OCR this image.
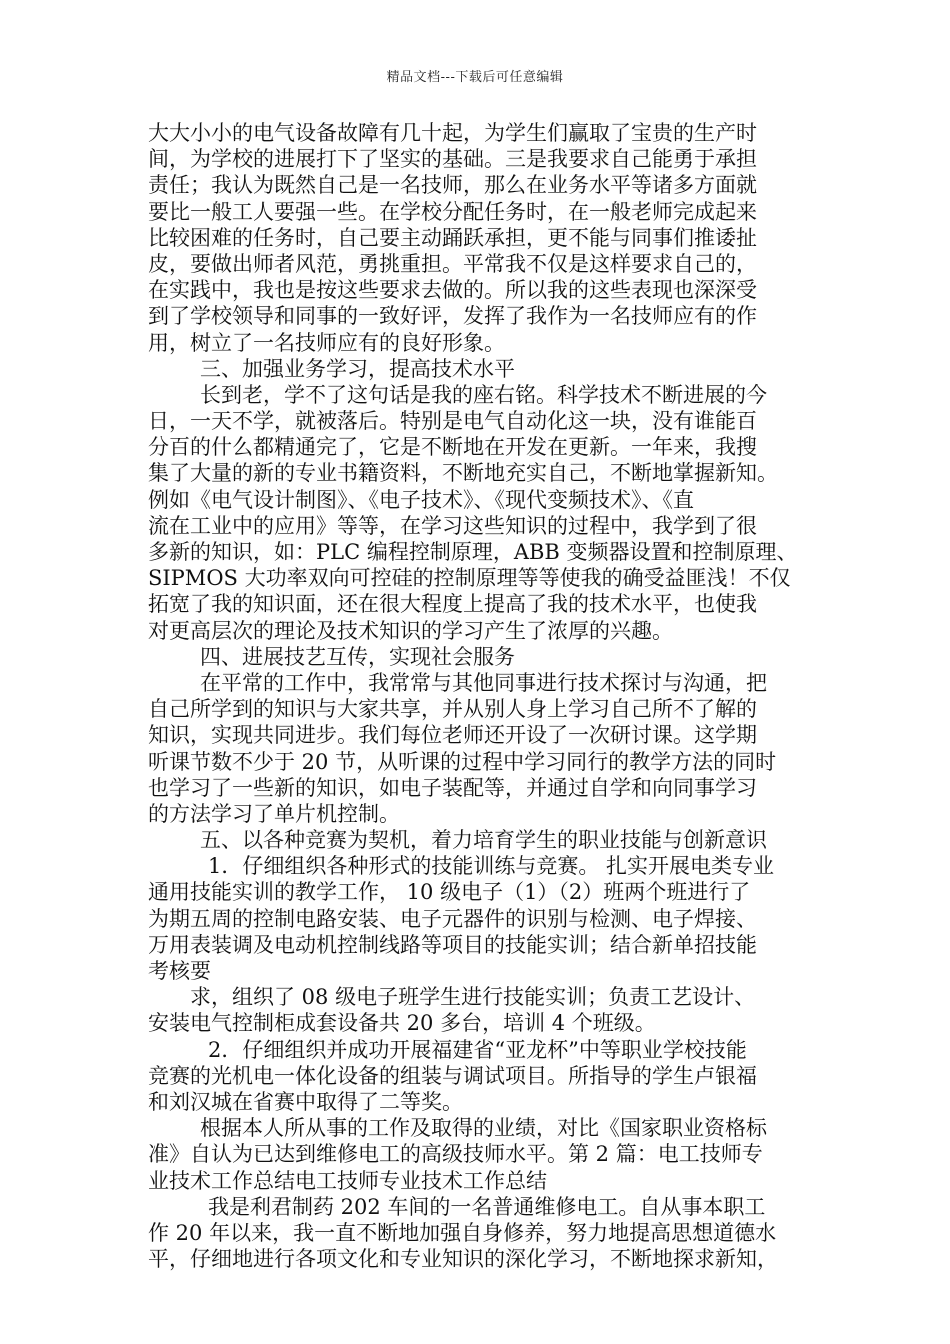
精品文档---下载后可任意编辑
大大小小的电气设备故障有几十起，为学生们赢取了宝贵的生产时
间，为学校的进展打下了坚实的基础。三是我要求自己能勇于承担
责任；我认为既然自己是一名技师，那么在业务水平等诸多方面就
要比一般工人要强一些。在学校分配任务时，在一般老师完成起来
比较困难的任务时，自己要主动踊跃承担，更不能与同事们推诿扯
皮，要做出师者风范，勇挑重担。平常我不仅是这样要求自己的，
在实践中，我也是按这些要求去做的。所以我的这些表现也深深受
到了学校领导和同事的一致好评，发挥了我作为一名技师应有的作
用，树立了一名技师应有的良好形象。
三、加强业务学习，提高技术水平
长到老，学不了这句话是我的座右铭。科学技术不断进展的今
日，一天不学，就被落后。特别是电气自动化这一块，没有谁能百
分百的什么都精通完了，它是不断地在开发在更新。一年来，我搜
集了大量的新的专业书籍资料，不断地充实自己，不断地掌握新知。
例如《电气设计制图》、《电子技术》、《现代变频技术》、《直
流在工业中的应用》等等，在学习这些知识的过程中，我学到了很
多新的知识，如：PLC 编程控制原理，ABB 变频器设置和控制原理、
SIPMOS 大功率双向可控硅的控制原理等等使我的确受益匪浅！不仅
拓宽了我的知识面，还在很大程度上提高了我的技术水平，也使我
对更高层次的理论及技术知识的学习产生了浓厚的兴趣。
四、进展技艺互传，实现社会服务
在平常的工作中，我常常与其他同事进行技术探讨与沟通，把
自己所学到的知识与大家共享，并从别人身上学习自己所不了解的
知识，实现共同进步。我们每位老师还开设了一次研讨课。这学期
听课节数不少于 20 节，从听课的过程中学习同行的教学方法的同时
也学习了一些新的知识，如电子装配等，并通过自学和向同事学习
的方法学习了单片机控制。
五、以各种竞赛为契机，着力培育学生的职业技能与创新意识
1．仔细组织各种形式的技能训练与竞赛。 扎实开展电类专业
通用技能实训的教学工作， 10 级电子（1）（2）班两个班进行了
为期五周的控制电路安装、电子元器件的识别与检测、电子焊接、
万用表装调及电动机控制线路等项目的技能实训；结合新单招技能
考核要
求，组织了 08 级电子班学生进行技能实训；负责工艺设计、
安装电气控制柜成套设备共 20 多台，培训 4 个班级。
2．仔细组织并成功开展福建省“亚龙杯”中等职业学校技能
竞赛的光机电一体化设备的组装与调试项目。所指导的学生卢银福
和刘汉城在省赛中取得了二等奖。
根据本人所从事的工作及取得的业绩，对比《国家职业资格标
准》自认为已达到维修电工的高级技师水平。第 2 篇：电工技师专
业技术工作总结电工技师专业技术工作总结
我是利君制药 202 车间的一名普通维修电工。自从事本职工
作 20 年以来，我一直不断地加强自身修养，努力地提高思想道德水
平，仔细地进行各项文化和专业知识的深化学习，不断地探求新知，
